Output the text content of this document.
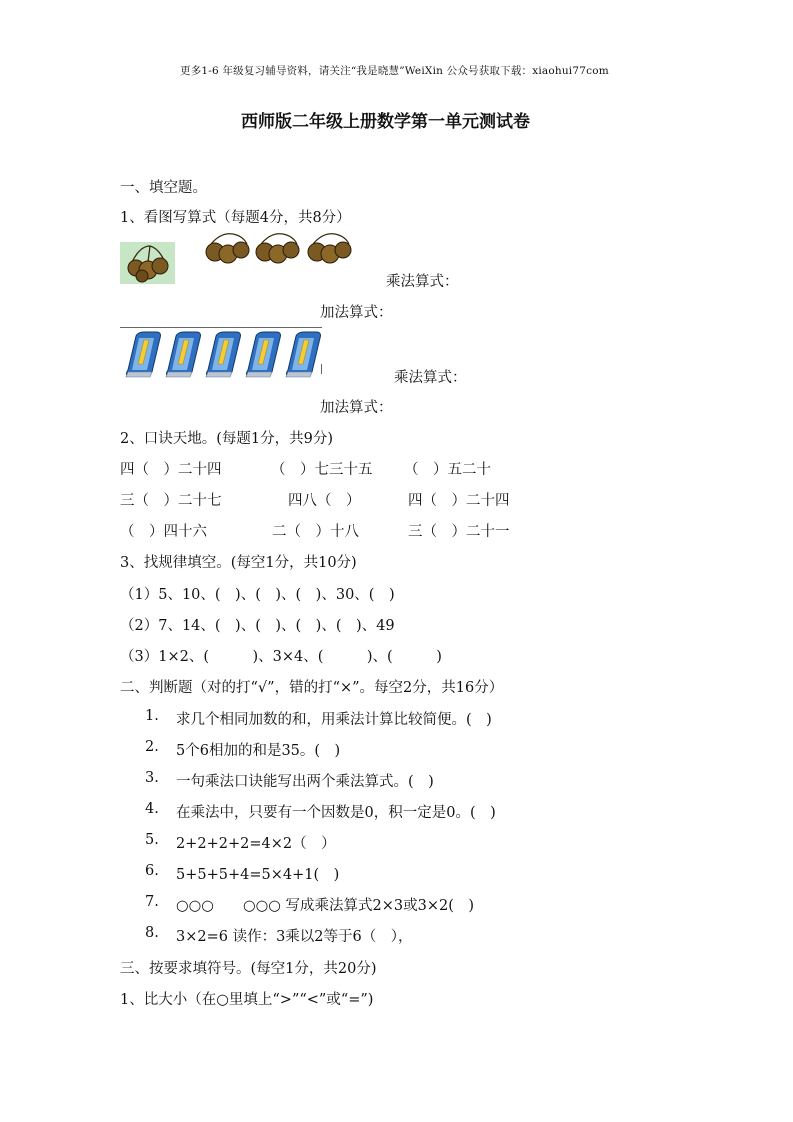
更多1-6 年级复习辅导资料，请关注“我是晓慧”WeiXin 公众号获取下载：xiaohui77com
西师版二年级上册数学第一单元测试卷
一、填空题。
1、看图写算式（每题4分，共8分）
乘法算式：
加法算式：
乘法算式：
加法算式：
2、口诀天地。(每题1分，共9分)
四（　）二十四	（　）七三十五 （　）五二十
三（　）二十七	四八（　）	四（　）二十四
（　）四十六	二（　）十八	三（　）二十一
3、找规律填空。(每空1分，共10分)
（1）5、10、(　)、(　)、(　)、30、(　)
（2）7、14、(　)、(　)、(　)、(　)、49
（3）1×2、(　　　)、3×4、(　　　)、(　　　)
二、判断题（对的打“√”，错的打“×”。每空2分，共16分）
1. 求几个相同加数的和，用乘法计算比较简便。(　)
2. 5个6相加的和是35。(　)
3. 一句乘法口诀能写出两个乘法算式。(　)
4. 在乘法中，只要有一个因数是0，积一定是0。(　)
5. 2+2+2+2=4×2（　）
6. 5+5+5+4=5×4+1(　)
7. ○○○　　○○○ 写成乘法算式2×3或3×2(　)
8. 3×2=6 读作：3乘以2等于6（　），
三、按要求填符号。(每空1分，共20分)
1、比大小（在○里填上“>”“<”或“=”)
